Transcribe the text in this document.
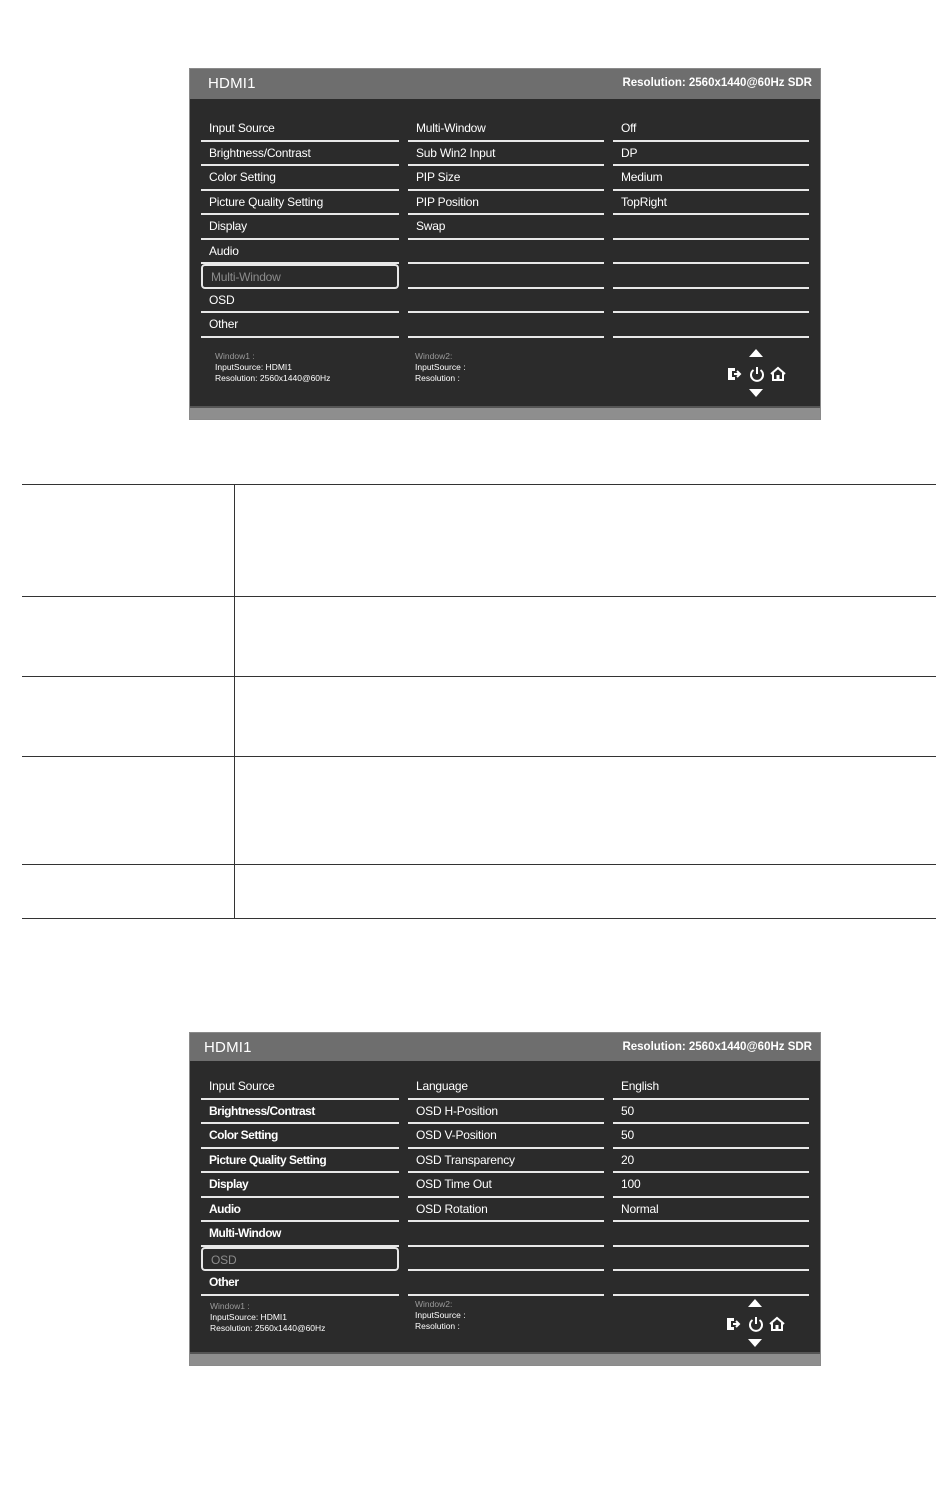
HDMI1	Resolution: 2560x1440@60Hz SDR
Input Source
Brightness/Contrast
Color Setting
Picture Quality Setting
Display
Audio
Multi-Window
OSD
Other
Multi-Window
Sub Win2 Input
PIP Size
PIP Position
Swap
Off
DP
Medium
TopRight
Window1 :
InputSource: HDMI1
Resolution: 2560x1440@60Hz
Window2:
InputSource :
Resolution :
HDMI1	Resolution: 2560x1440@60Hz SDR
Input Source
Brightness/Contrast
Color Setting
Picture Quality Setting
Display
Audio
Multi-Window
OSD
Other
Language
OSD H-Position
OSD V-Position
OSD Transparency
OSD Time Out
OSD Rotation
English
50
50
20
100
Normal
Window1 :
InputSource: HDMI1
Resolution: 2560x1440@60Hz
Window2:
InputSource :
Resolution :
